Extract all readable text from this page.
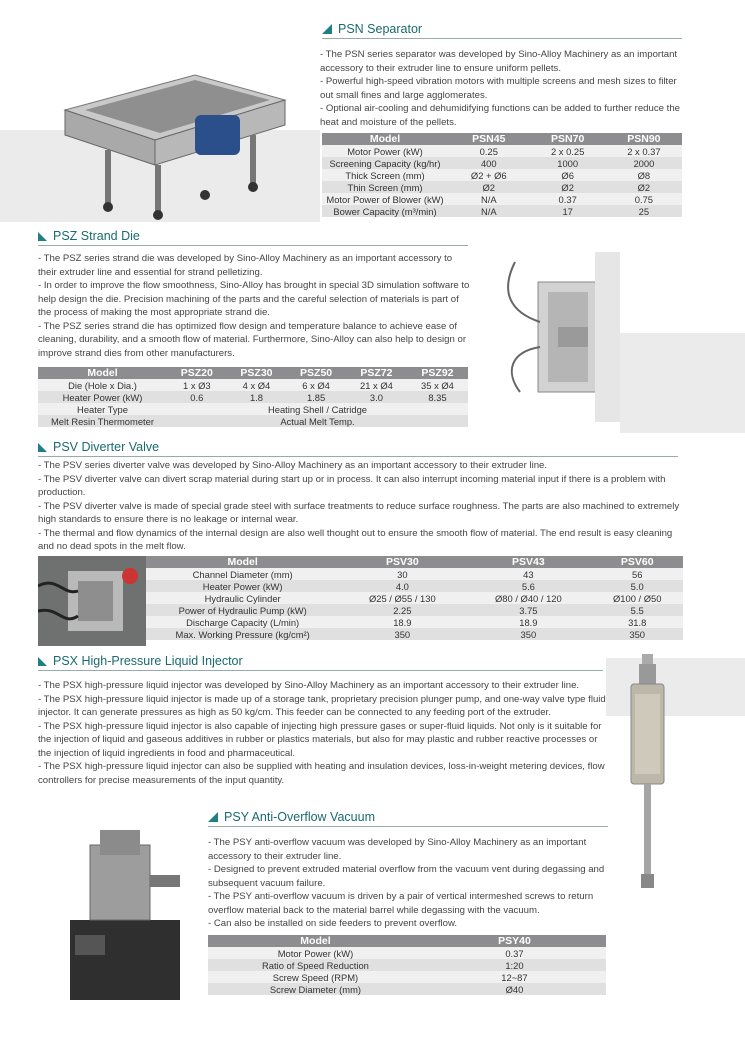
PSN Separator

- The PSN series separator was developed by Sino-Alloy Machinery as an important accessory to their extruder line to ensure uniform pellets.

- Powerful high-speed vibration motors with multiple screens and mesh sizes to filter out small fines and large agglomerates.

- Optional air-cooling and dehumidifying functions can be added to further reduce the heat and moisture of the pellets.

Model	PSN45	PSN70	PSN90
Motor Power (kW)	0.25	2 x 0.25	2 x 0.37
Screening Capacity (kg/hr)	400	1000	2000
Thick Screen (mm)	Ø2 + Ø6	Ø6	Ø8
Thin Screen (mm)	Ø2	Ø2	Ø2
Motor Power of Blower (kW)	N/A	0.37	0.75
Bower Capacity (m³/min)	N/A	17	25
PSZ Strand Die

- The PSZ series strand die was developed by Sino-Alloy Machinery as an important accessory to their extruder line and essential for strand pelletizing.

- In order to improve the flow smoothness, Sino-Alloy has brought in special 3D simulation software to help design the die. Precision machining of the parts and the careful selection of materials is part of the process of making the most appropriate strand die.

- The PSZ series strand die has optimized flow design and temperature balance to achieve ease of cleaning, durability, and a smooth flow of material. Furthermore, Sino-Alloy can also help to design or improve strand dies from other manufacturers.

Model	PSZ20	PSZ30	PSZ50	PSZ72	PSZ92
Die (Hole x Dia.)	1 x Ø3	4 x Ø4	6 x Ø4	21 x Ø4	35 x Ø4
Heater Power (kW)	0.6	1.8	1.85	3.0	8.35
Heater Type	Heating Shell / Catridge				
Melt Resin Thermometer	Actual Melt Temp.				
PSV Diverter Valve

- The PSV series diverter valve was developed by Sino-Alloy Machinery as an important accessory to their extruder line.

- The PSV diverter valve can divert scrap material during start up or in process. It can also interrupt incoming material input if there is a problem with production.

- The PSV diverter valve is made of special grade steel with surface treatments to reduce surface roughness. The parts are also machined to extremely high standards to ensure there is no leakage or internal wear.

- The thermal and flow dynamics of the internal design are also well thought out to ensure the smooth flow of material. The end result is easy cleaning and no dead spots in the melt flow.

Model	PSV30	PSV43	PSV60
Channel Diameter (mm)	30	43	56
Heater Power (kW)	4.0	5.6	5.0
Hydraulic Cylinder	Ø25 / Ø55 / 130	Ø80 / Ø40 / 120	Ø100 / Ø50
Power of Hydraulic Pump (kW)	2.25	3.75	5.5
Discharge Capacity (L/min)	18.9	18.9	31.8
Max. Working Pressure (kg/cm²)	350	350	350
PSX High-Pressure Liquid Injector

- The PSX high-pressure liquid injector was developed by Sino-Alloy Machinery as an important accessory to their extruder line.

- The PSX high-pressure liquid injector is made up of a storage tank, proprietary precision plunger pump, and one-way valve type fluid injector. It can generate pressures as high as 50 kg/cm. This feeder can be connected to any feeding port of the extruder.

- The PSX high-pressure liquid injector is also capable of injecting high pressure gases or super-fluid liquids. Not only is it suitable for the injection of liquid and gaseous additives in rubber or plastics materials, but also for may plastic and rubber reactive processes or the injection of liquid ingredients in food and pharmaceutical.

- The PSX high-pressure liquid injector can also be supplied with heating and insulation devices, loss-in-weight metering devices, flow controllers for precise measurements of the input quantity.

PSY Anti-Overflow Vacuum

- The PSY anti-overflow vacuum was developed by Sino-Alloy Machinery as an important accessory to their extruder line.

- Designed to prevent extruded material overflow from the vacuum vent during degassing and subsequent vacuum failure.

- The PSY anti-overflow vacuum is driven by a pair of vertical intermeshed screws to return overflow material back to the material barrel while degassing with the vacuum.

- Can also be installed on side feeders to prevent overflow.

Model	PSY40
Motor Power (kW)	0.37
Ratio of Speed Reduction	1:20
Screw Speed (RPM)	12~87
Screw Diameter (mm)	Ø40
